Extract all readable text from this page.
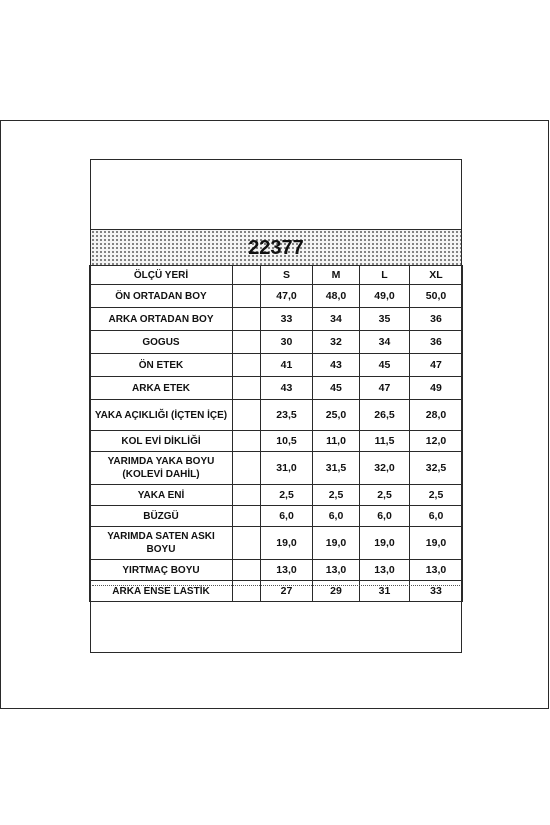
22377
ÖLÇÜ YERİ		S	M	L	XL
ÖN ORTADAN BOY		47,0	48,0	49,0	50,0
ARKA ORTADAN BOY		33	34	35	36
GOGUS		30	32	34	36
ÖN ETEK		41	43	45	47
ARKA ETEK		43	45	47	49
YAKA AÇIKLIĞI (İÇTEN İÇE)		23,5	25,0	26,5	28,0
KOL EVİ DİKLİĞİ		10,5	11,0	11,5	12,0
YARIMDA YAKA BOYU (KOLEVİ DAHİL)		31,0	31,5	32,0	32,5
YAKA ENİ		2,5	2,5	2,5	2,5
BÜZGÜ		6,0	6,0	6,0	6,0
YARIMDA SATEN ASKI BOYU		19,0	19,0	19,0	19,0
YIRTMAÇ BOYU		13,0	13,0	13,0	13,0
ARKA ENSE LASTİK		27	29	31	33
